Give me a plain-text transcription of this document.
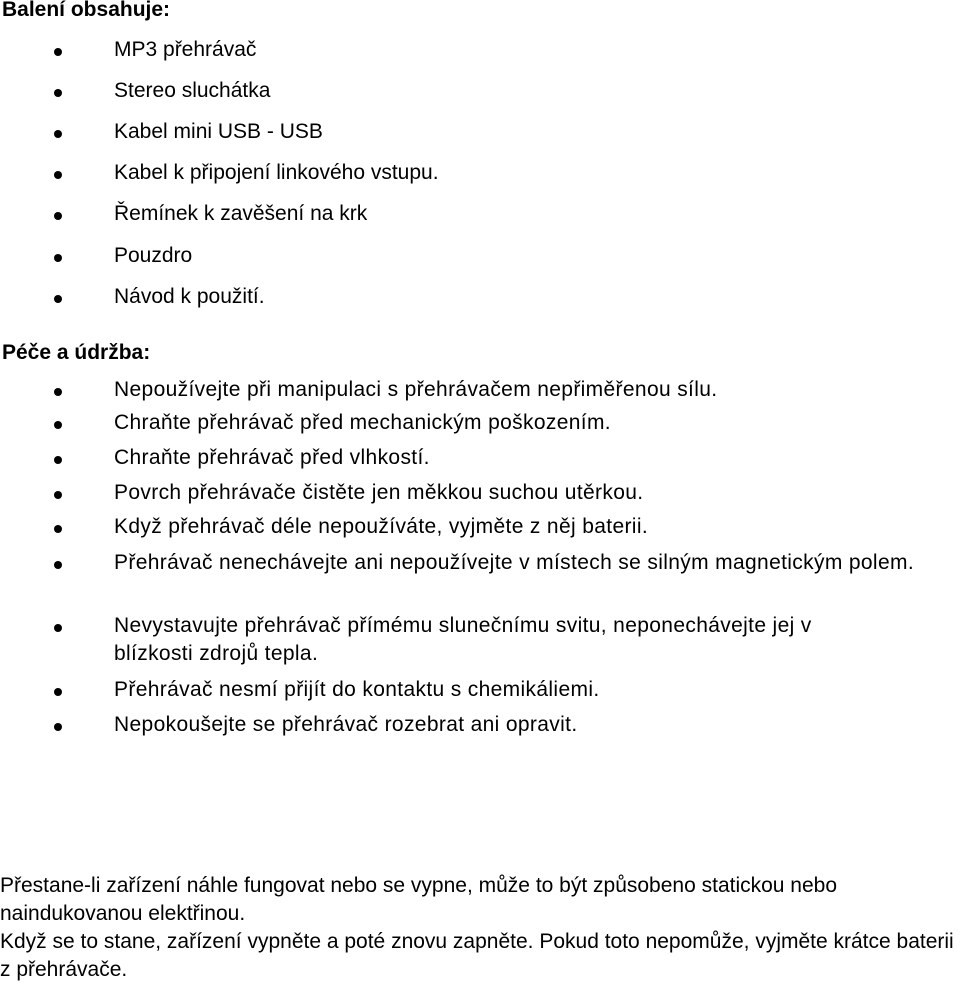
Balení obsahuje:
MP3 přehrávač
Stereo sluchátka
Kabel mini USB - USB
Kabel k připojení linkového vstupu.
Řemínek k zavěšení na krk
Pouzdro
Návod k použití.
Péče a údržba:
Nepoužívejte při manipulaci s přehrávačem nepřiměřenou sílu.
Chraňte přehrávač před mechanickým poškozením.
Chraňte přehrávač před vlhkostí.
Povrch přehrávače čistěte jen měkkou suchou utěrkou.
Když přehrávač déle nepoužíváte, vyjměte z něj baterii.
Přehrávač nenechávejte ani nepoužívejte v místech se silným magnetickým polem.
Nevystavujte přehrávač přímému slunečnímu svitu, neponechávejte jej v blízkosti zdrojů tepla.
Přehrávač nesmí přijít do kontaktu s chemikáliemi.
Nepokoušejte se přehrávač rozebrat ani opravit.

Přestane-li zařízení náhle fungovat nebo se vypne, může to být způsobeno statickou nebo naindukovanou elektřinou.

Když se to stane, zařízení vypněte a poté znovu zapněte. Pokud toto nepomůže, vyjměte krátce baterii z přehrávače.
